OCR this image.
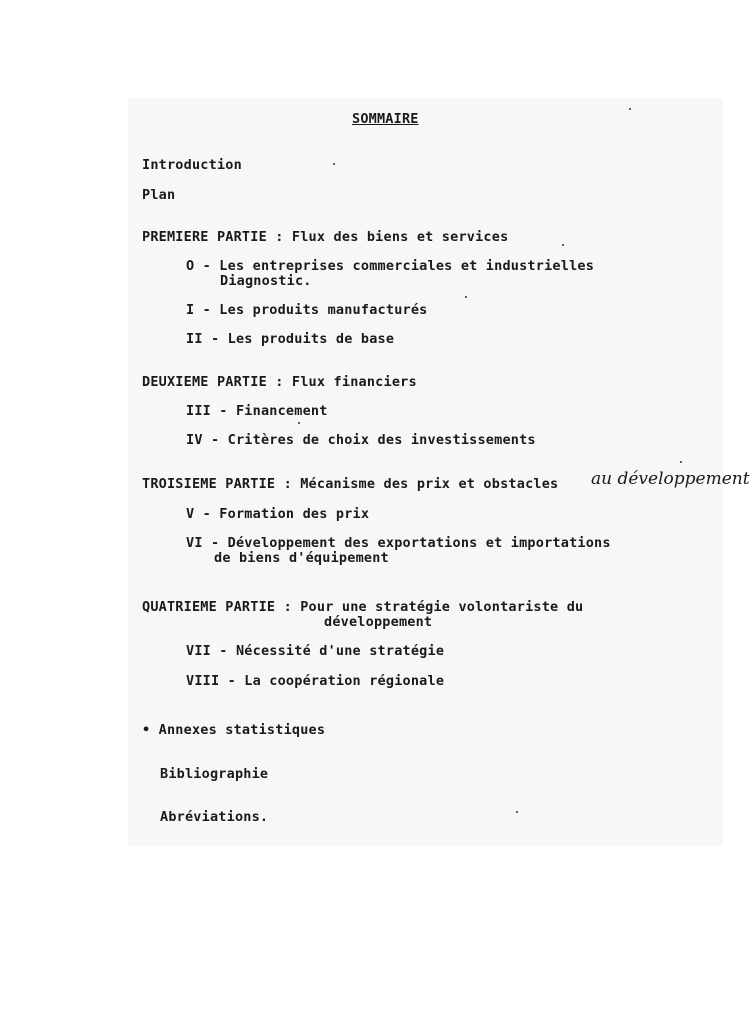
SOMMAIRE
Introduction
Plan
PREMIERE PARTIE : Flux des biens et services
O - Les entreprises commerciales et industrielles
Diagnostic.
I - Les produits manufacturés
II - Les produits de base
DEUXIEME PARTIE : Flux financiers
III - Financement
IV - Critères de choix des investissements
TROISIEME PARTIE : Mécanisme des prix et obstacles au développement
V - Formation des prix
VI - Développement des exportations et importations
de biens d'équipement
QUATRIEME PARTIE : Pour une stratégie volontariste du
développement
VII - Nécessité d'une stratégie
VIII - La coopération régionale
• Annexes statistiques
Bibliographie
Abréviations.
